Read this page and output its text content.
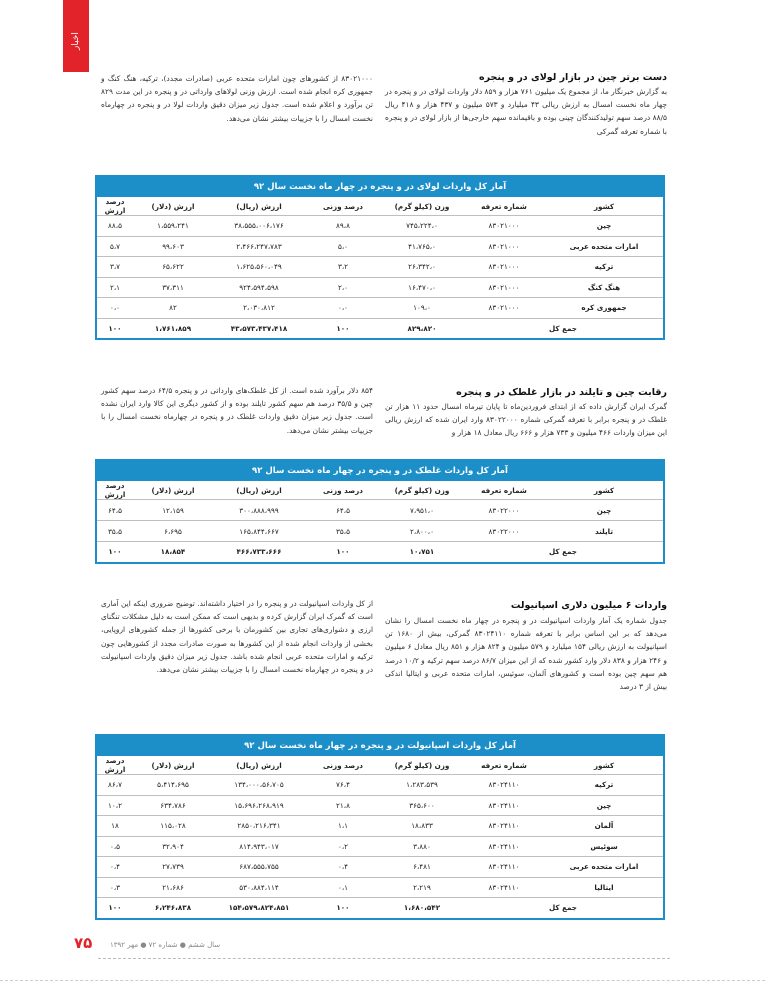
اخبار
دست برتر چین در بازار لولای در و پنجره

به گزارش خبرنگار ما، از مجموع یک میلیون ۷۶۱ هزار و ۸۵۹ دلار واردات لولای در و پنجره در چهار ماه نخست امسال به ارزش ریالی ۴۳ میلیارد و ۵۷۳ میلیون و ۴۳۷ هزار و ۴۱۸ ریال ۸۸/۵ درصد سهم تولیدکنندگان چینی بوده و باقیمانده سهم خارجی‌ها از بازار لولای در و پنجره با شماره تعرفه گمرکی

۸۳۰۲۱۰۰۰ از کشورهای چون امارات متحده عربی (صادرات مجدد)، ترکیه، هنگ کنگ و جمهوری کره انجام شده است. ارزش وزنی لولاهای وارداتی در و پنجره در این مدت ۸۲۹ تن برآورد و اعلام شده است. جدول زیر میزان دقیق واردات لولا در و پنجره در چهارماه نخست امسال را با جزییات بیشتر نشان می‌دهد.

آمار کل واردات لولای در و پنجره در چهار ماه نخست سال ۹۲
کشور	شماره تعرفه	وزن (کیلو گرم)	درصد وزنی	ارزش (ریال)	ارزش (دلار)	درصد ارزش
چین	۸۳۰۲۱۰۰۰	۷۴۵،۲۲۴،۰	۸۹،۸	۳۸،۵۵۵،۰۰۶،۱۷۶	۱،۵۵۹،۲۴۱	۸۸،۵
امارات متحده عربی	۸۳۰۲۱۰۰۰	۴۱،۷۶۵،۰	۵،۰	۲،۴۶۶،۲۴۷،۷۸۳	۹۹،۶۰۳	۵،۷
ترکیه	۸۳۰۲۱۰۰۰	۲۶،۳۴۲،۰	۳،۲	۱،۶۲۵،۵۶۰،۰۴۹	۶۵،۶۲۲	۳،۷
هنگ کنگ	۸۳۰۲۱۰۰۰	۱۶،۴۷۰،۰	۲،۰	۹۲۴،۵۹۴،۵۹۸	۳۷،۳۱۱	۲،۱
جمهوری کره	۸۳۰۲۱۰۰۰	۱۰۹،۰	۰،۰	۲،۰۳۰،۸۱۲	۸۲	۰،۰
جمع کل		۸۲۹،۸۲۰	۱۰۰	۴۳،۵۷۳،۴۳۷،۴۱۸	۱،۷۶۱،۸۵۹	۱۰۰
رقابت چین و تایلند در بازار غلطک در و پنجره

گمرک ایران گزارش داده که از ابتدای فروردین‌ماه تا پایان تیرماه امسال حدود ۱۱ هزار تن غلطک در و پنجره برابر با تعرفه گمرکی شماره ۸۳۰۲۲۰۰۰ وارد ایران شده که ارزش ریالی این میزان واردات ۴۶۶ میلیون و ۷۳۳ هزار و ۶۶۶ ریال معادل ۱۸ هزار و

۸۵۴ دلار برآورد شده است. از کل غلطک‌های وارداتی در و پنجره ۶۴/۵ درصد سهم کشور چین و ۳۵/۵ درصد هم سهم کشور تایلند بوده و از کشور دیگری این کالا وارد ایران نشده است. جدول زیر میزان دقیق واردات غلطک در و پنجره در چهارماه نخست امسال را با جزییات بیشتر نشان می‌دهد.

آمار کل واردات غلطک در و پنجره در چهار ماه نخست سال ۹۲
کشور	شماره تعرفه	وزن (کیلو گرم)	درصد وزنی	ارزش (ریال)	ارزش (دلار)	درصد ارزش
چین	۸۳۰۲۲۰۰۰	۷،۹۵۱،۰	۶۴،۵	۳۰۰،۸۸۸،۹۹۹	۱۲،۱۵۹	۶۴،۵
تایلند	۸۳۰۲۲۰۰۰	۲،۸۰۰،۰	۳۵،۵	۱۶۵،۸۴۴،۶۶۷	۶،۶۹۵	۳۵،۵
جمع کل		۱۰،۷۵۱	۱۰۰	۴۶۶،۷۳۳،۶۶۶	۱۸،۸۵۴	۱۰۰
واردات ۶ میلیون دلاری اسپانیولت

جدول شماره یک آمار واردات اسپانیولت در و پنجره در چهار ماه نخست امسال را نشان می‌دهد که بر این اساس برابر با تعرفه شماره ۸۳۰۲۴۱۱۰ گمرکی، بیش از ۱۶۸۰ تن اسپانیولت به ارزش ریالی ۱۵۴ میلیارد و ۵۷۹ میلیون و ۸۲۴ هزار و ۸۵۱ ریال معادل ۶ میلیون و ۲۴۶ هزار و ۸۳۸ دلار وارد کشور شده که از این میزان ۸۶/۷ درصد سهم ترکیه و ۱۰/۲ درصد هم سهم چین بوده است و کشورهای آلمان، سوئیس، امارات متحده عربی و ایتالیا اندکی بیش از ۳ درصد

از کل واردات اسپانیولت در و پنجره را در اختیار داشته‌اند. توضیح ضروری اینکه این آماری است که گمرک ایران گزارش کرده و بدیهی است که ممکن است به دلیل مشکلات تنگنای ارزی و دشواری‌های تجاری بین کشورمان با برخی کشورها از جمله کشورهای اروپایی، بخشی از واردات انجام شده از این کشورها به صورت صادرات مجدد از کشورهایی چون ترکیه و امارات متحده عربی انجام شده باشد. جدول زیر میزان دقیق واردات اسپانیولت در و پنجره در چهارماه نخست امسال را با جزییات بیشتر نشان می‌دهد.

آمار کل واردات اسپانیولت در و پنجره در چهار ماه نخست سال ۹۲
کشور	شماره تعرفه	وزن (کیلو گرم)	درصد وزنی	ارزش (ریال)	ارزش (دلار)	درصد ارزش
ترکیه	۸۳۰۲۴۱۱۰	۱،۲۸۳،۵۳۹	۷۶،۴	۱۳۴،۰۰۰،۵۶،۷۰۵	۵،۴۱۴،۶۹۵	۸۶،۷
چین	۸۳۰۲۴۱۱۰	۳۶۵،۶۰۰	۲۱،۸	۱۵،۶۹۶،۲۶۸،۹۱۹	۶۳۴،۷۸۶	۱۰،۲
آلمان	۸۳۰۲۴۱۱۰	۱۸،۸۳۳	۱،۱	۲۸۵۰،۲۱۶،۳۴۱	۱۱۵،۰۲۸	۱۸
سوئیس	۸۳۰۲۴۱۱۰	۳،۸۸۰	۰،۲	۸۱۴،۹۴۳،۰۱۷	۳۲،۹۰۴	۰،۵
امارات متحده عربی	۸۳۰۲۴۱۱۰	۶،۴۸۱	۰،۴	۶۸۷،۵۵۵،۷۵۵	۲۷،۷۳۹	۰،۴
ایتالیا	۸۳۰۲۴۱۱۰	۲،۲۱۹	۰،۱	۵۳۰،۸۸۴،۱۱۴	۲۱،۶۸۶	۰،۳
جمع کل		۱،۶۸۰،۵۴۲	۱۰۰	۱۵۴،۵۷۹،۸۲۴،۸۵۱	۶،۲۴۶،۸۳۸	۱۰۰
۷۵	سال ششم ● شماره ۷۲ ● مهر ۱۳۹۲
